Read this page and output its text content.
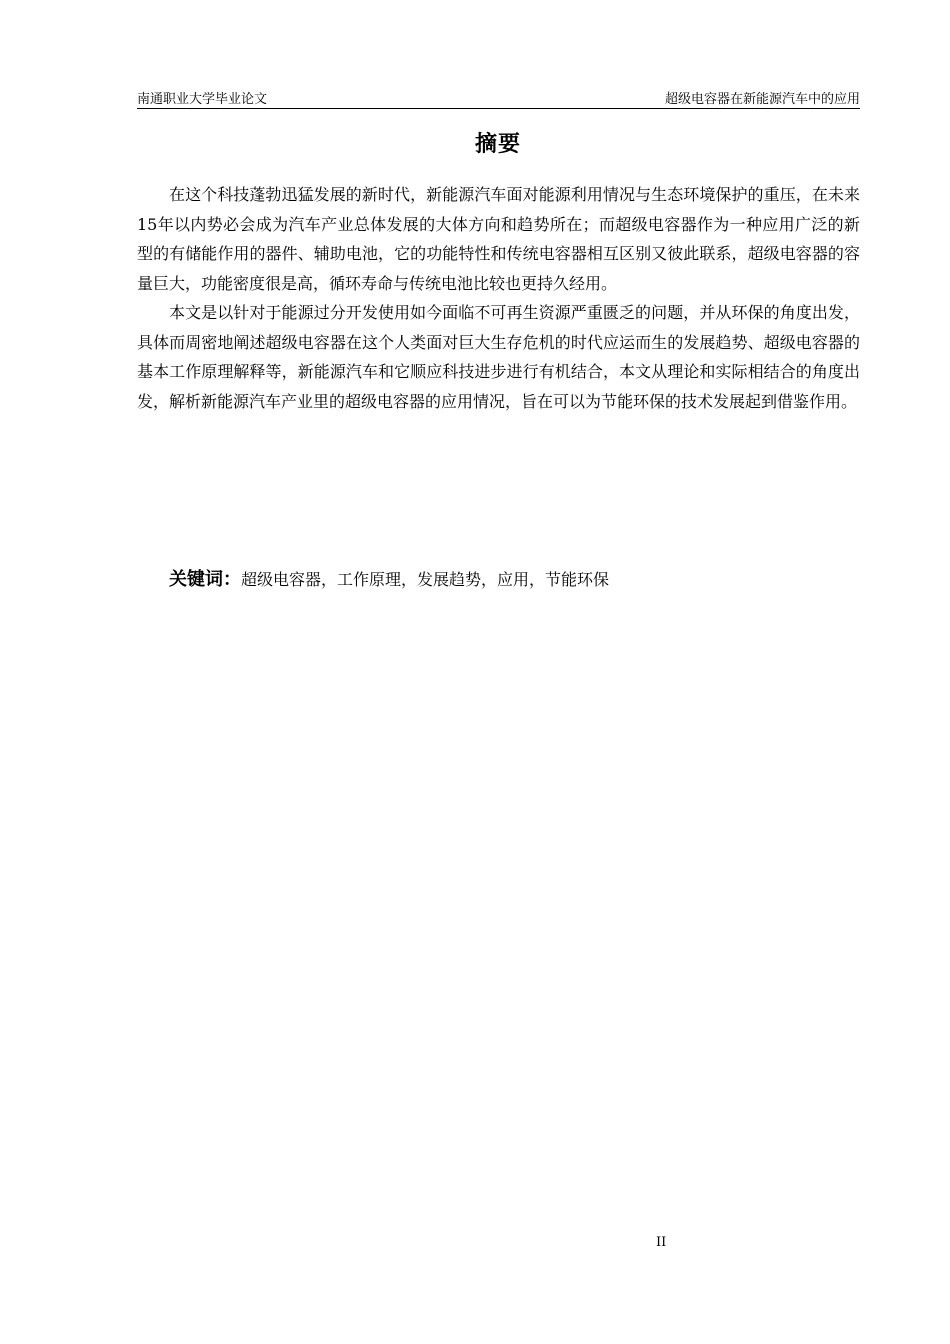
南通职业大学毕业论文	超级电容器在新能源汽车中的应用
摘要

在这个科技蓬勃迅猛发展的新时代，新能源汽车面对能源利用情况与生态环境保护的重压，在未来15年以内势必会成为汽车产业总体发展的大体方向和趋势所在；而超级电容器作为一种应用广泛的新型的有储能作用的器件、辅助电池，它的功能特性和传统电容器相互区别又彼此联系，超级电容器的容量巨大，功能密度很是高，循环寿命与传统电池比较也更持久经用。

本文是以针对于能源过分开发使用如今面临不可再生资源严重匮乏的问题，并从环保的角度出发，具体而周密地阐述超级电容器在这个人类面对巨大生存危机的时代应运而生的发展趋势、超级电容器的基本工作原理解释等，新能源汽车和它顺应科技进步进行有机结合，本文从理论和实际相结合的角度出发，解析新能源汽车产业里的超级电容器的应用情况，旨在可以为节能环保的技术发展起到借鉴作用。

关键词：超级电容器，工作原理，发展趋势，应用，节能环保
II
